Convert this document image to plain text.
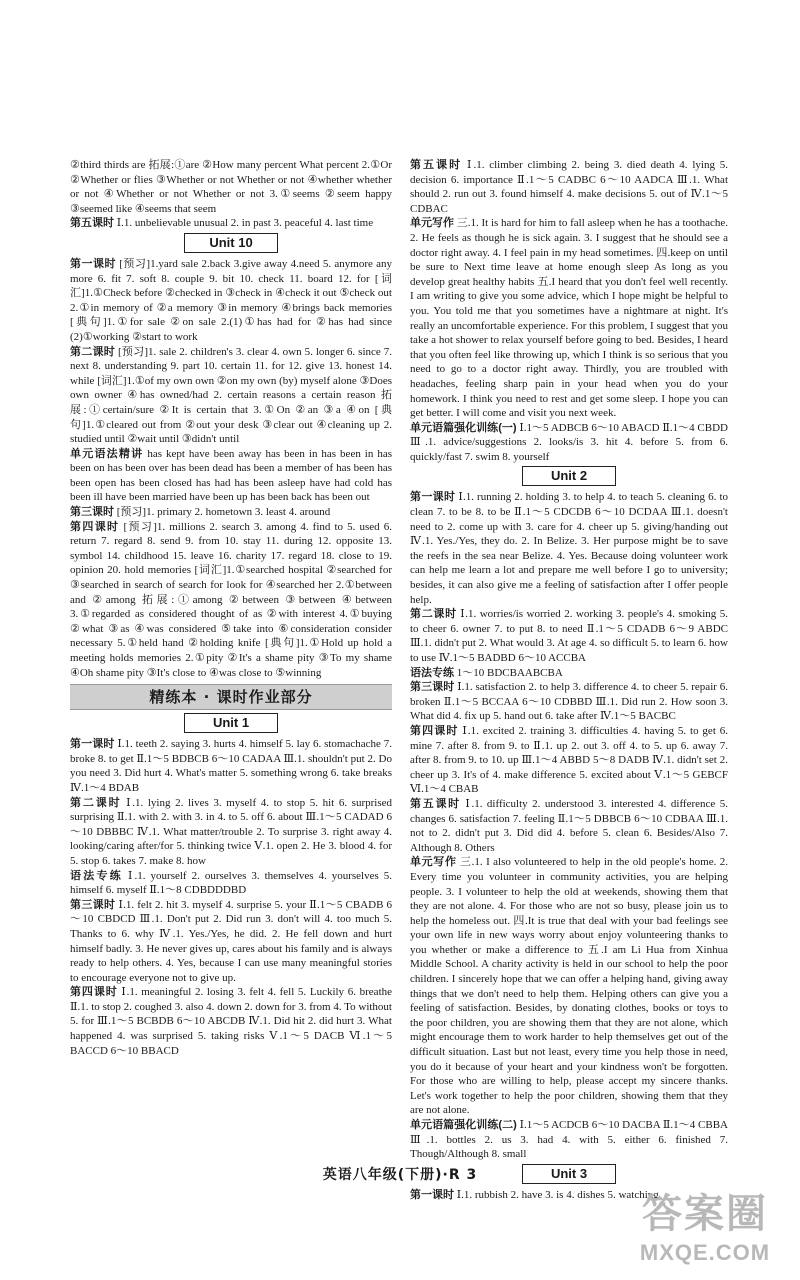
②third thirds are 拓展:①are ②How many percent What percent 2.①Or ②Whether or flies ③Whether or not Whether or not ④whether whether or not ④Whether or not Whether or not 3.①seems ②seem happy ③seemed like ④seems that seem

第五课时 Ⅰ.1. unbelievable unusual 2. in past 3. peaceful 4. last time

Unit 10

第一课时 [预习]1.yard sale 2.back 3.give away 4.need 5. anymore any more 6. fit 7. soft 8. couple 9. bit 10. check 11. board 12. for [词汇]1.①Check before ②checked in ③check in ④check it out ⑤check out 2.①in memory of ②a memory ③in memory ④brings back memories [典句]1.①for sale ②on sale 2.(1)①has had for ②has had since (2)①working ②start to work

第二课时 [预习]1. sale 2. children's 3. clear 4. own 5. longer 6. since 7. next 8. understanding 9. part 10. certain 11. for 12. give 13. honest 14. while [词汇]1.①of my own own ②on my own (by) myself alone ③Does own owner ④has owned/had 2. certain reasons a certain reason 拓展:①certain/sure ②It is certain that 3.①On ②an ③a ④on [典句]1.①cleared out from ②out your desk ③clear out ④cleaning up 2. studied until ②wait until ③didn't until

单元语法精讲 has kept have been away has been in has been in has been on has been over has been dead has been a member of has been has been open has been closed has had has been asleep have had cold has been ill have been married have been up has been back has been out

第三课时 [预习]1. primary 2. hometown 3. least 4. around

第四课时 [预习]1. millions 2. search 3. among 4. find to 5. used 6. return 7. regard 8. send 9. from 10. stay 11. during 12. opposite 13. symbol 14. childhood 15. leave 16. charity 17. regard 18. close to 19. opinion 20. hold memories [词汇]1.①searched hospital ②searched for ③searched in search of search for look for ④searched her 2.①between and ②among 拓展:①among ②between ③between ④between 3.①regarded as considered thought of as ②with interest 4.①buying ②what ③as ④was considered ⑤take into ⑥consideration consider necessary 5.①held hand ②holding knife [典句]1.①Hold up hold a meeting holds memories 2.①pity ②It's a shame pity ③To my shame ④Oh shame pity ③It's close to ④was close to ⑤winning

精练本 · 课时作业部分
Unit 1

第一课时 Ⅰ.1. teeth 2. saying 3. hurts 4. himself 5. lay 6. stomachache 7. broke 8. to get Ⅱ.1～5 BDBCB 6～10 CADAA Ⅲ.1. shouldn't put 2. Do you need 3. Did hurt 4. What's matter 5. something wrong 6. take breaks Ⅳ.1～4 BDAB

第二课时 Ⅰ.1. lying 2. lives 3. myself 4. to stop 5. hit 6. surprised surprising Ⅱ.1. with 2. with 3. in 4. to 5. off 6. about Ⅲ.1～5 CADAD 6～10 DBBBC Ⅳ.1. What matter/trouble 2. To surprise 3. right away 4. looking/caring after/for 5. thinking twice Ⅴ.1. open 2. He 3. blood 4. for 5. stop 6. takes 7. make 8. how

语法专练 Ⅰ.1. yourself 2. ourselves 3. themselves 4. yourselves 5. himself 6. myself Ⅱ.1～8 CDBDDDBD

第三课时 Ⅰ.1. felt 2. hit 3. myself 4. surprise 5. your Ⅱ.1～5 CBADB 6～10 CBDCD Ⅲ.1. Don't put 2. Did run 3. don't will 4. too much 5. Thanks to 6. why Ⅳ.1. Yes./Yes, he did. 2. He fell down and hurt himself badly. 3. He never gives up, cares about his family and is always ready to help others. 4. Yes, because I can use many meaningful stories to encourage everyone not to give up.

第四课时 Ⅰ.1. meaningful 2. losing 3. felt 4. fell 5. Luckily 6. breathe Ⅱ.1. to stop 2. coughed 3. also 4. down 2. down for 3. from 4. To without 5. for Ⅲ.1～5 BCBDB 6～10 ABCDB Ⅳ.1. Did hit 2. did hurt 3. What happened 4. was surprised 5. taking risks Ⅴ.1～5 DACB Ⅵ.1～5 BACCD 6～10 BBACD

第五课时 Ⅰ.1. climber climbing 2. being 3. died death 4. lying 5. decision 6. importance Ⅱ.1～5 CADBC 6～10 AADCA Ⅲ.1. What should 2. run out 3. found himself 4. make decisions 5. out of Ⅳ.1～5 CDBAC

单元写作 三.1. It is hard for him to fall asleep when he has a toothache. 2. He feels as though he is sick again. 3. I suggest that he should see a doctor right away. 4. I feel pain in my head sometimes. 四.keep on until be sure to Next time leave at home enough sleep As long as you develop great healthy habits 五.I heard that you don't feel well recently. I am writing to give you some advice, which I hope might be helpful to you. You told me that you sometimes have a nightmare at night. It's really an uncomfortable experience. For this problem, I suggest that you take a hot shower to relax yourself before going to bed. Besides, I heard that you often feel like throwing up, which I think is so serious that you need to go to a doctor right away. Thirdly, you are troubled with headaches, feeling sharp pain in your head when you do your homework. I think you need to rest and get some sleep. I hope you can get better. I will come and visit you next week.

单元语篇强化训练(一) Ⅰ.1～5 ADBCB 6～10 ABACD Ⅱ.1～4 CBDD Ⅲ.1. advice/suggestions 2. looks/is 3. hit 4. before 5. from 6. quickly/fast 7. swim 8. yourself

Unit 2

第一课时 Ⅰ.1. running 2. holding 3. to help 4. to teach 5. cleaning 6. to clean 7. to be 8. to be Ⅱ.1～5 CDCDB 6～10 DCDAA Ⅲ.1. doesn't need to 2. come up with 3. care for 4. cheer up 5. giving/handing out Ⅳ.1. Yes./Yes, they do. 2. In Belize. 3. Her purpose might be to save the reefs in the sea near Belize. 4. Yes. Because doing volunteer work can help me learn a lot and prepare me well before I go to university; besides, it can also give me a feeling of satisfaction after I offer people help.

第二课时 Ⅰ.1. worries/is worried 2. working 3. people's 4. smoking 5. to cheer 6. owner 7. to put 8. to need Ⅱ.1～5 CDADB 6～9 ABDC Ⅲ.1. didn't put 2. What would 3. At age 4. so difficult 5. to learn 6. how to use Ⅳ.1～5 BADBD 6～10 ACCBA

语法专练 1～10 BDCBAABCBA

第三课时 Ⅰ.1. satisfaction 2. to help 3. difference 4. to cheer 5. repair 6. broken Ⅱ.1～5 BCCAA 6～10 CDBBD Ⅲ.1. Did run 2. How soon 3. What did 4. fix up 5. hand out 6. take after Ⅳ.1～5 BACBC

第四课时 Ⅰ.1. excited 2. training 3. difficulties 4. having 5. to get 6. mine 7. after 8. from 9. to Ⅱ.1. up 2. out 3. off 4. to 5. up 6. away 7. after 8. from 9. to 10. up Ⅲ.1～4 ABBD 5～8 DADB Ⅳ.1. didn't set 2. cheer up 3. It's of 4. make difference 5. excited about Ⅴ.1～5 GEBCF Ⅵ.1～4 CBAB

第五课时 Ⅰ.1. difficulty 2. understood 3. interested 4. difference 5. changes 6. satisfaction 7. feeling Ⅱ.1～5 DBBCB 6～10 CDBAA Ⅲ.1. not to 2. didn't put 3. Did did 4. before 5. clean 6. Besides/Also 7. Although 8. Others

单元写作 三.1. I also volunteered to help in the old people's home. 2. Every time you volunteer in community activities, you are helping people. 3. I volunteer to help the old at weekends, showing them that they are not alone. 4. For those who are not so busy, please join us to help the homeless out. 四.It is true that deal with your bad feelings see your own life in new ways worry about enjoy volunteering thanks to you whether or make a difference to 五.I am Li Hua from Xinhua Middle School. A charity activity is held in our school to help the poor children. I sincerely hope that we can offer a helping hand, giving away things that we don't need to help them. Helping others can give you a feeling of satisfaction. Besides, by donating clothes, books or toys to the poor children, you are showing them that they are not alone, which might encourage them to work harder to help themselves get out of the difficult situation. Last but not least, every time you help those in need, you do it because of your heart and your kindness won't be forgotten. For those who are willing to help, please accept my sincere thanks. Let's work together to help the poor children, showing them that they are not alone.

单元语篇强化训练(二) Ⅰ.1～5 ACDCB 6～10 DACBA Ⅱ.1～4 CBBA Ⅲ.1. bottles 2. us 3. had 4. with 5. either 6. finished 7. Though/Although 8. small

Unit 3

第一课时 Ⅰ.1. rubbish 2. have 3. is 4. dishes 5. watching

英语八年级(下册)·R 3
答案圈
MXQE.COM
